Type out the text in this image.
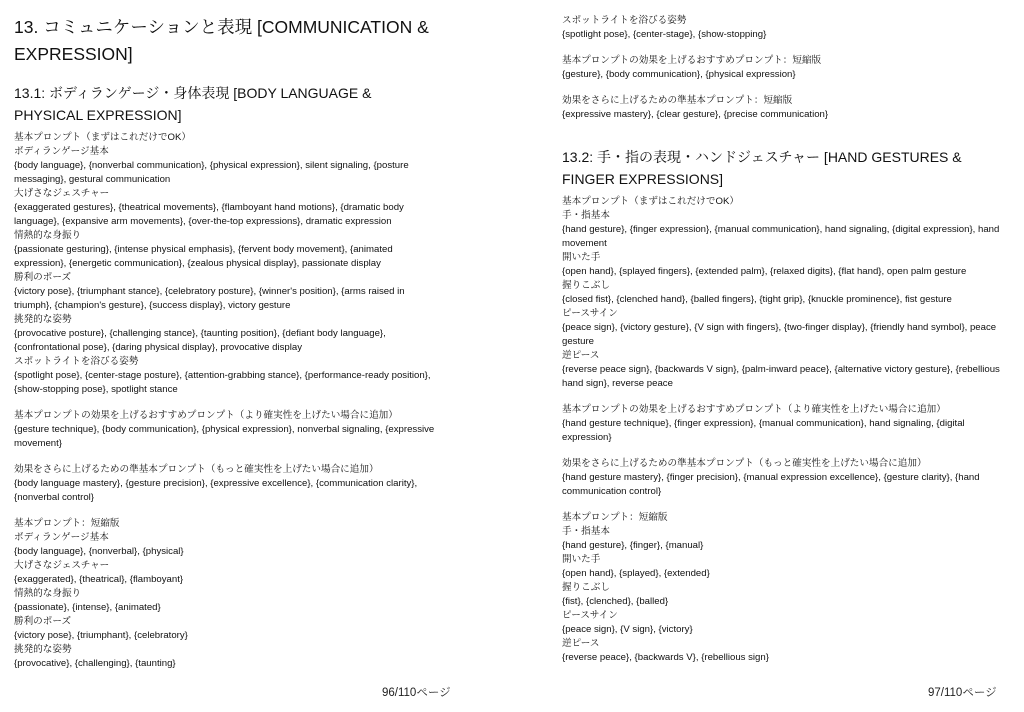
13. コミュニケーションと表現 [COMMUNICATION & EXPRESSION]
13.1: ボディランゲージ・身体表現 [BODY LANGUAGE & PHYSICAL EXPRESSION]
基本プロンプト（まずはこれだけでOK）
ボディランゲージ基本
{body language}, {nonverbal communication}, {physical expression}, silent signaling, {posture messaging}, gestural communication
大げさなジェスチャー
{exaggerated gestures}, {theatrical movements}, {flamboyant hand motions}, {dramatic body language}, {expansive arm movements}, {over-the-top expressions}, dramatic expression
情熱的な身振り
{passionate gesturing}, {intense physical emphasis}, {fervent body movement}, {animated expression}, {energetic communication}, {zealous physical display}, passionate display
勝利のポーズ
{victory pose}, {triumphant stance}, {celebratory posture}, {winner's position}, {arms raised in triumph}, {champion's gesture}, {success display}, victory gesture
挑発的な姿勢
{provocative posture}, {challenging stance}, {taunting position}, {defiant body language}, {confrontational pose}, {daring physical display}, provocative display
スポットライトを浴びる姿勢
{spotlight pose}, {center-stage posture}, {attention-grabbing stance}, {performance-ready position}, {show-stopping pose}, spotlight stance
基本プロンプトの効果を上げるおすすめプロンプト（より確実性を上げたい場合に追加）
{gesture technique}, {body communication}, {physical expression}, nonverbal signaling, {expressive movement}
効果をさらに上げるための準基本プロンプト（もっと確実性を上げたい場合に追加）
{body language mastery}, {gesture precision}, {expressive excellence}, {communication clarity}, {nonverbal control}
基本プロンプト：短縮版
ボディランゲージ基本
{body language}, {nonverbal}, {physical}
大げさなジェスチャー
{exaggerated}, {theatrical}, {flamboyant}
情熱的な身振り
{passionate}, {intense}, {animated}
勝利のポーズ
{victory pose}, {triumphant}, {celebratory}
挑発的な姿勢
{provocative}, {challenging}, {taunting}
96/110ページ
スポットライトを浴びる姿勢
{spotlight pose}, {center-stage}, {show-stopping}
基本プロンプトの効果を上げるおすすめプロンプト：短縮版
{gesture}, {body communication}, {physical expression}
効果をさらに上げるための準基本プロンプト：短縮版
{expressive mastery}, {clear gesture}, {precise communication}
13.2: 手・指の表現・ハンドジェスチャー [HAND GESTURES & FINGER EXPRESSIONS]
基本プロンプト（まずはこれだけでOK）
手・指基本
{hand gesture}, {finger expression}, {manual communication}, hand signaling, {digital expression}, hand movement
開いた手
{open hand}, {splayed fingers}, {extended palm}, {relaxed digits}, {flat hand}, open palm gesture
握りこぶし
{closed fist}, {clenched hand}, {balled fingers}, {tight grip}, {knuckle prominence}, fist gesture
ピースサイン
{peace sign}, {victory gesture}, {V sign with fingers}, {two-finger display}, {friendly hand symbol}, peace gesture
逆ピース
{reverse peace sign}, {backwards V sign}, {palm-inward peace}, {alternative victory gesture}, {rebellious hand sign}, reverse peace
基本プロンプトの効果を上げるおすすめプロンプト（より確実性を上げたい場合に追加）
{hand gesture technique}, {finger expression}, {manual communication}, hand signaling, {digital expression}
効果をさらに上げるための準基本プロンプト（もっと確実性を上げたい場合に追加）
{hand gesture mastery}, {finger precision}, {manual expression excellence}, {gesture clarity}, {hand communication control}
基本プロンプト：短縮版
手・指基本
{hand gesture}, {finger}, {manual}
開いた手
{open hand}, {splayed}, {extended}
握りこぶし
{fist}, {clenched}, {balled}
ピースサイン
{peace sign}, {V sign}, {victory}
逆ピース
{reverse peace}, {backwards V}, {rebellious sign}
97/110ページ
